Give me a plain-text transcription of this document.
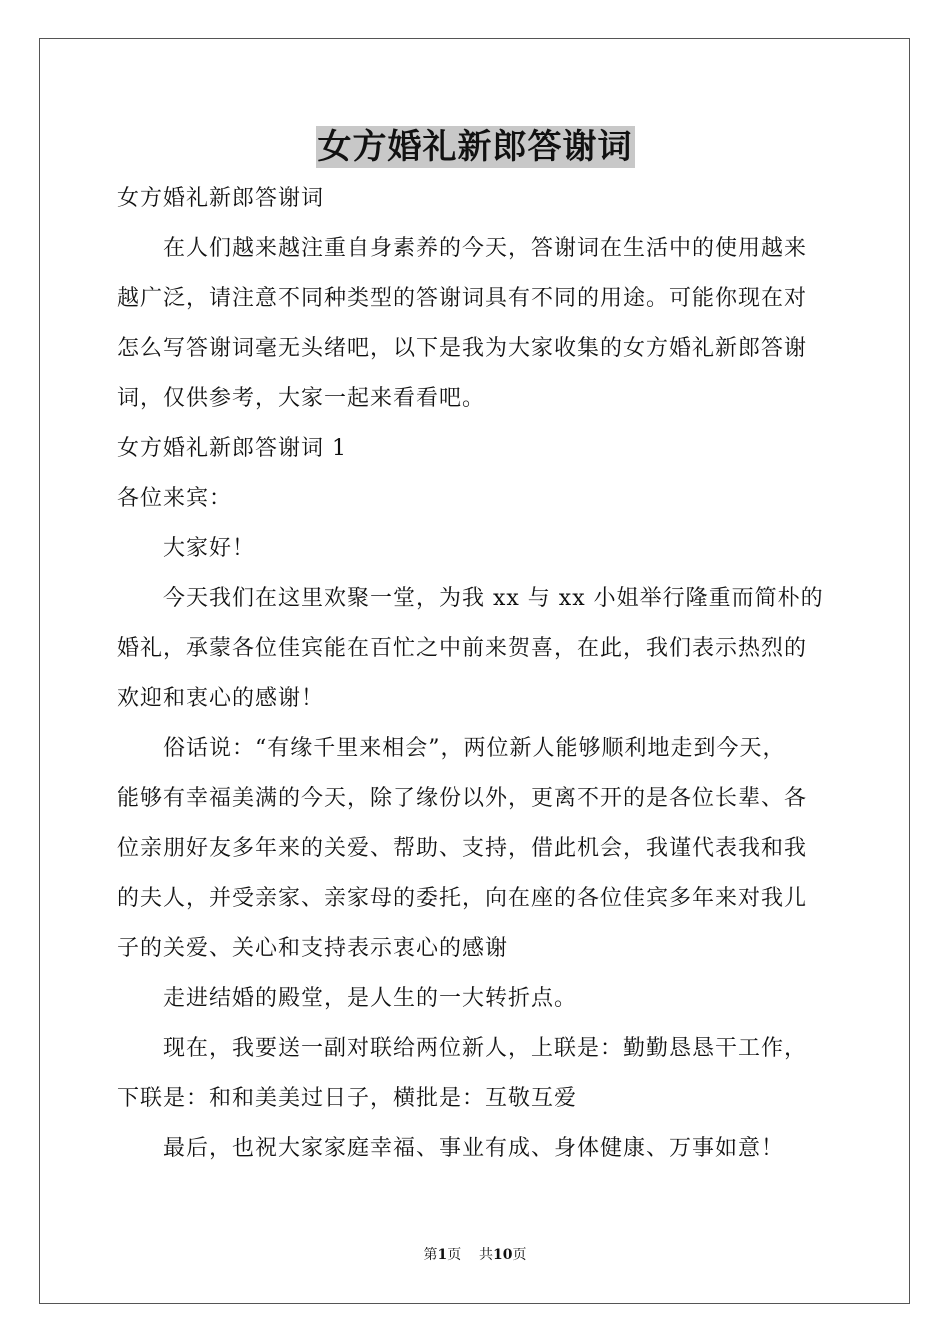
女方婚礼新郎答谢词
女方婚礼新郎答谢词
　　在人们越来越注重自身素养的今天，答谢词在生活中的使用越来
越广泛，请注意不同种类型的答谢词具有不同的用途。可能你现在对
怎么写答谢词毫无头绪吧，以下是我为大家收集的女方婚礼新郎答谢
词，仅供参考，大家一起来看看吧。
女方婚礼新郎答谢词 1
各位来宾：
　　大家好！
　　今天我们在这里欢聚一堂，为我 xx 与 xx 小姐举行隆重而简朴的
婚礼，承蒙各位佳宾能在百忙之中前来贺喜，在此，我们表示热烈的
欢迎和衷心的感谢！
　　俗话说：“有缘千里来相会”，两位新人能够顺利地走到今天，
能够有幸福美满的今天，除了缘份以外，更离不开的是各位长辈、各
位亲朋好友多年来的关爱、帮助、支持，借此机会，我谨代表我和我
的夫人，并受亲家、亲家母的委托，向在座的各位佳宾多年来对我儿
子的关爱、关心和支持表示衷心的感谢
　　走进结婚的殿堂，是人生的一大转折点。
　　现在，我要送一副对联给两位新人，上联是：勤勤恳恳干工作，
下联是：和和美美过日子，横批是：互敬互爱
　　最后，也祝大家家庭幸福、事业有成、身体健康、万事如意！
第1页 共10页
